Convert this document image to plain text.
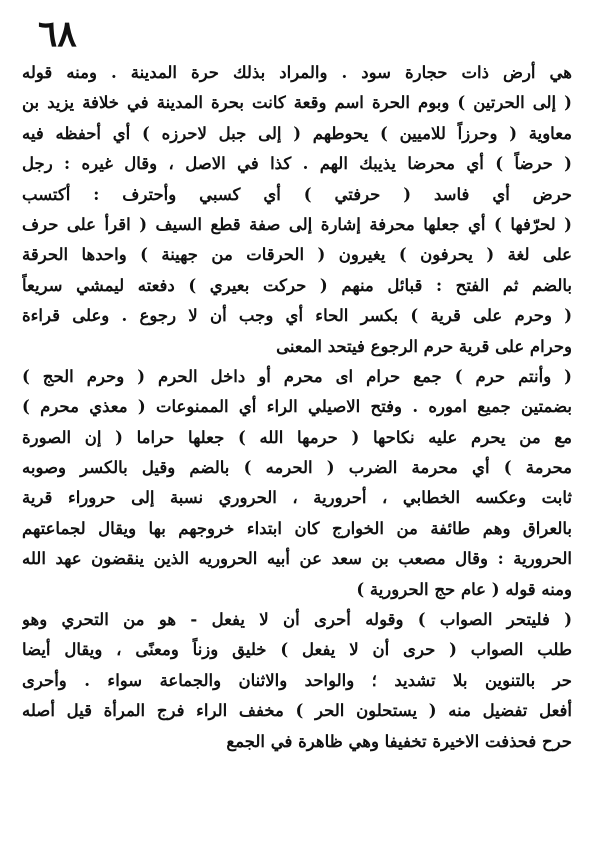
٦٨
هي أرض ذات حجارة سود . والمراد بذلك حرة المدينة . ومنه قوله
( إلى الحرتين ) وبوم الحرة اسم وقعة كانت بحرة المدينة في خلافة يزيد بن
معاوية ( وحرزاً للاميين ) يحوطهم ( إلى جبل لاحرزه ) أي أحفظه فيه
( حرضاً ) أي محرضا يذيبك الهم . كذا في الاصل ، وقال غيره : رجل
حرض أي فاسد ( حرفتي ) أي كسبي وأحترف : أكتسب
( لحرّفها ) أي جعلها محرفة إشارة إلى صفة قطع السيف ( اقرأ على حرف
على لغة ( يحرفون ) يغيرون ( الحرقات من جهينة ) واحدها الحرقة
بالضم ثم الفتح : قبائل منهم ( حركت بعيري ) دفعته ليمشي سريعاً
( وحرم على قرية ) بكسر الحاء أي وجب أن لا رجوع . وعلى قراءة
وحرام على قرية حرم الرجوع فيتحد المعنى
( وأنتم حرم ) جمع حرام اى محرم أو داخل الحرم ( وحرم الحج )
بضمتين جميع اموره . وفتح الاصيلي الراء أي الممنوعات ( معذي محرم )
مع من يحرم عليه نكاحها ( حرمها الله ) جعلها حراما ( إن الصورة
محرمة ) أي محرمة الضرب ( الحرمه ) بالضم وقيل بالكسر وصوبه
ثابت وعكسه الخطابي ، أحرورية ، الحروري نسبة إلى حروراء قرية
بالعراق وهم طائفة من الخوارج كان ابتداء خروجهم بها ويقال لجماعتهم
الحرورية : وقال مصعب بن سعد عن أبيه الحروريه الذين ينقضون عهد الله
ومنه قوله ( عام حج الحرورية )
( فليتحر الصواب ) وقوله أحرى أن لا يفعل - هو من التحري وهو
طلب الصواب ( حرى أن لا يفعل ) خليق وزناً ومعنًى ، ويقال أيضا
حر بالتنوين بلا تشديد ؛ والواحد والاثنان والجماعة سواء . وأحرى
أفعل تفضيل منه ( يستحلون الحر ) مخفف الراء فرج المرأة قيل أصله
حرح فحذفت الاخيرة تخفيفا وهي ظاهرة في الجمع
